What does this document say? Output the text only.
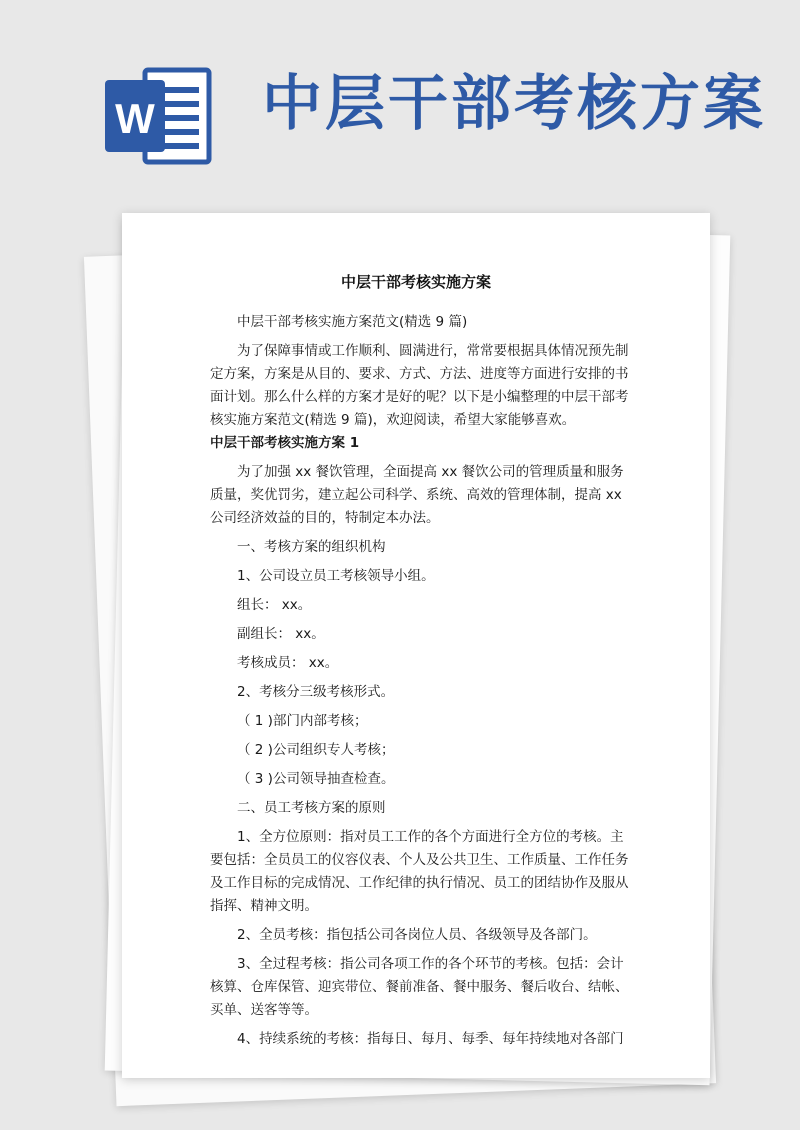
W 中层干部考核方案
中层干部考核实施方案

中层干部考核实施方案范文(精选 9 篇)

为了保障事情或工作顺利、圆满进行，常常要根据具体情况预先制定方案，方案是从目的、要求、方式、方法、进度等方面进行安排的书面计划。那么什么样的方案才是好的呢？以下是小编整理的中层干部考核实施方案范文(精选 9 篇)，欢迎阅读，希望大家能够喜欢。

中层干部考核实施方案 1

为了加强 xx 餐饮管理，全面提高 xx 餐饮公司的管理质量和服务质量，奖优罚劣，建立起公司科学、系统、高效的管理体制，提高 xx 公司经济效益的目的，特制定本办法。

一、考核方案的组织机构

1、公司设立员工考核领导小组。

组长： xx。

副组长： xx。

考核成员： xx。

2、考核分三级考核形式。

（ 1 )部门内部考核；

（ 2 )公司组织专人考核；

（ 3 )公司领导抽查检查。

二、员工考核方案的原则

1、全方位原则：指对员工工作的各个方面进行全方位的考核。主要包括：全员员工的仪容仪表、个人及公共卫生、工作质量、工作任务及工作目标的完成情况、工作纪律的执行情况、员工的团结协作及服从指挥、精神文明。

2、全员考核：指包括公司各岗位人员、各级领导及各部门。

3、全过程考核：指公司各项工作的各个环节的考核。包括：会计核算、仓库保管、迎宾带位、餐前准备、餐中服务、餐后收台、结帐、买单、送客等等。

4、持续系统的考核：指每日、每月、每季、每年持续地对各部门
